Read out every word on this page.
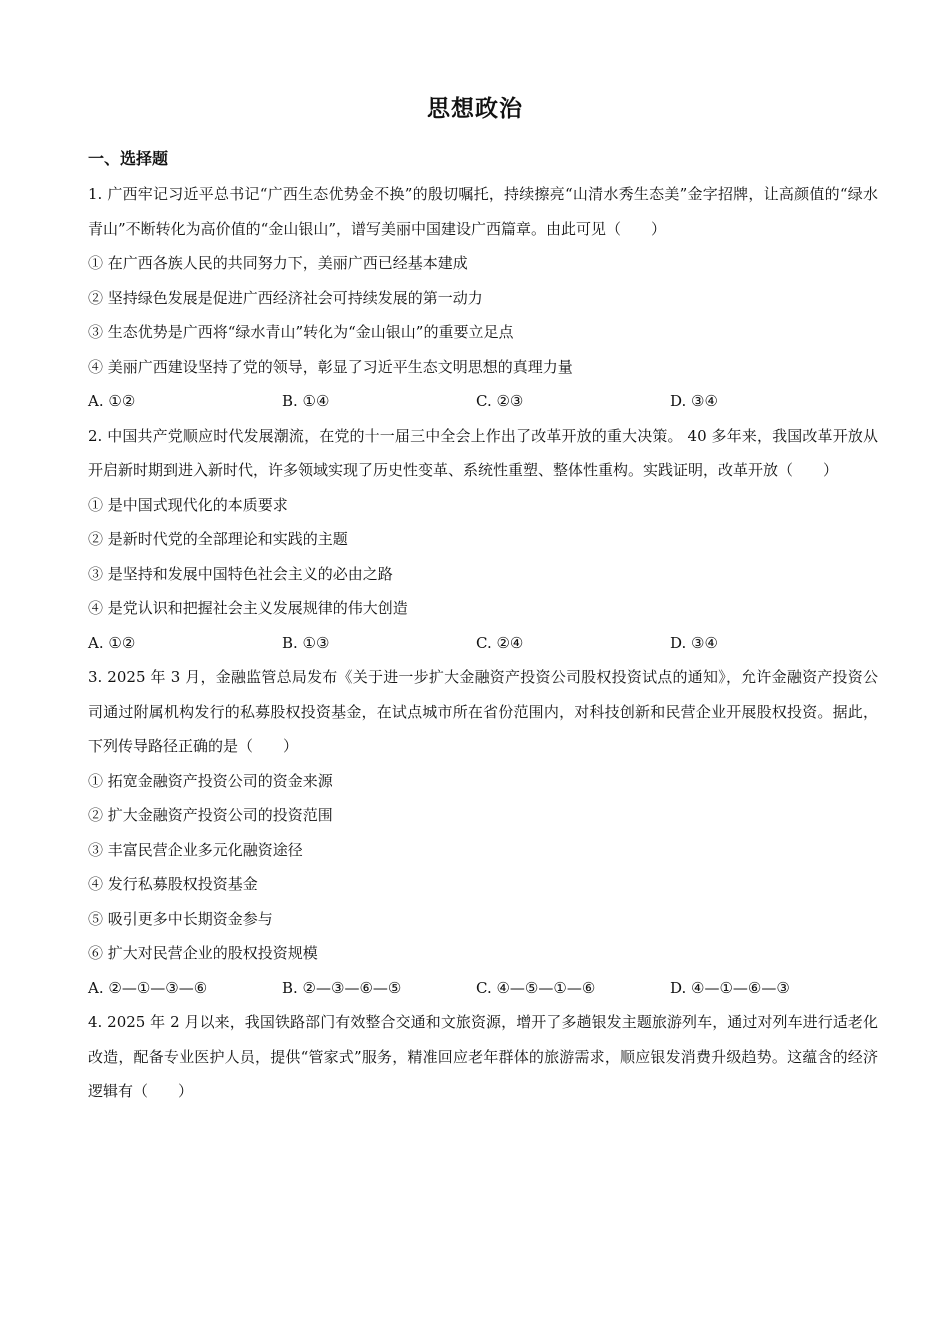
思想政治
一、选择题

1. 广西牢记习近平总书记“广西生态优势金不换”的殷切嘱托，持续擦亮“山清水秀生态美”金字招牌，让高颜值的“绿水青山”不断转化为高价值的“金山银山”，谱写美丽中国建设广西篇章。由此可见（　　）

① 在广西各族人民的共同努力下，美丽广西已经基本建成

② 坚持绿色发展是促进广西经济社会可持续发展的第一动力

③ 生态优势是广西将“绿水青山”转化为“金山银山”的重要立足点

④ 美丽广西建设坚持了党的领导，彰显了习近平生态文明思想的真理力量

A. ①②	B. ①④	C. ②③	D. ③④

2. 中国共产党顺应时代发展潮流，在党的十一届三中全会上作出了改革开放的重大决策。 40 多年来，我国改革开放从开启新时期到进入新时代，许多领域实现了历史性变革、系统性重塑、整体性重构。实践证明，改革开放（　　）

① 是中国式现代化的本质要求

② 是新时代党的全部理论和实践的主题

③ 是坚持和发展中国特色社会主义的必由之路

④ 是党认识和把握社会主义发展规律的伟大创造

A. ①②	B. ①③	C. ②④	D. ③④

3. 2025 年 3 月，金融监管总局发布《关于进一步扩大金融资产投资公司股权投资试点的通知》，允许金融资产投资公司通过附属机构发行的私募股权投资基金，在试点城市所在省份范围内，对科技创新和民营企业开展股权投资。据此，下列传导路径正确的是（　　）

① 拓宽金融资产投资公司的资金来源

② 扩大金融资产投资公司的投资范围

③ 丰富民营企业多元化融资途径

④ 发行私募股权投资基金

⑤ 吸引更多中长期资金参与

⑥ 扩大对民营企业的股权投资规模

A. ②—①—③—⑥	B. ②—③—⑥—⑤	C. ④—⑤—①—⑥	D. ④—①—⑥—③

4. 2025 年 2 月以来，我国铁路部门有效整合交通和文旅资源，增开了多趟银发主题旅游列车，通过对列车进行适老化改造，配备专业医护人员，提供“管家式”服务，精准回应老年群体的旅游需求，顺应银发消费升级趋势。这蕴含的经济逻辑有（　　）
